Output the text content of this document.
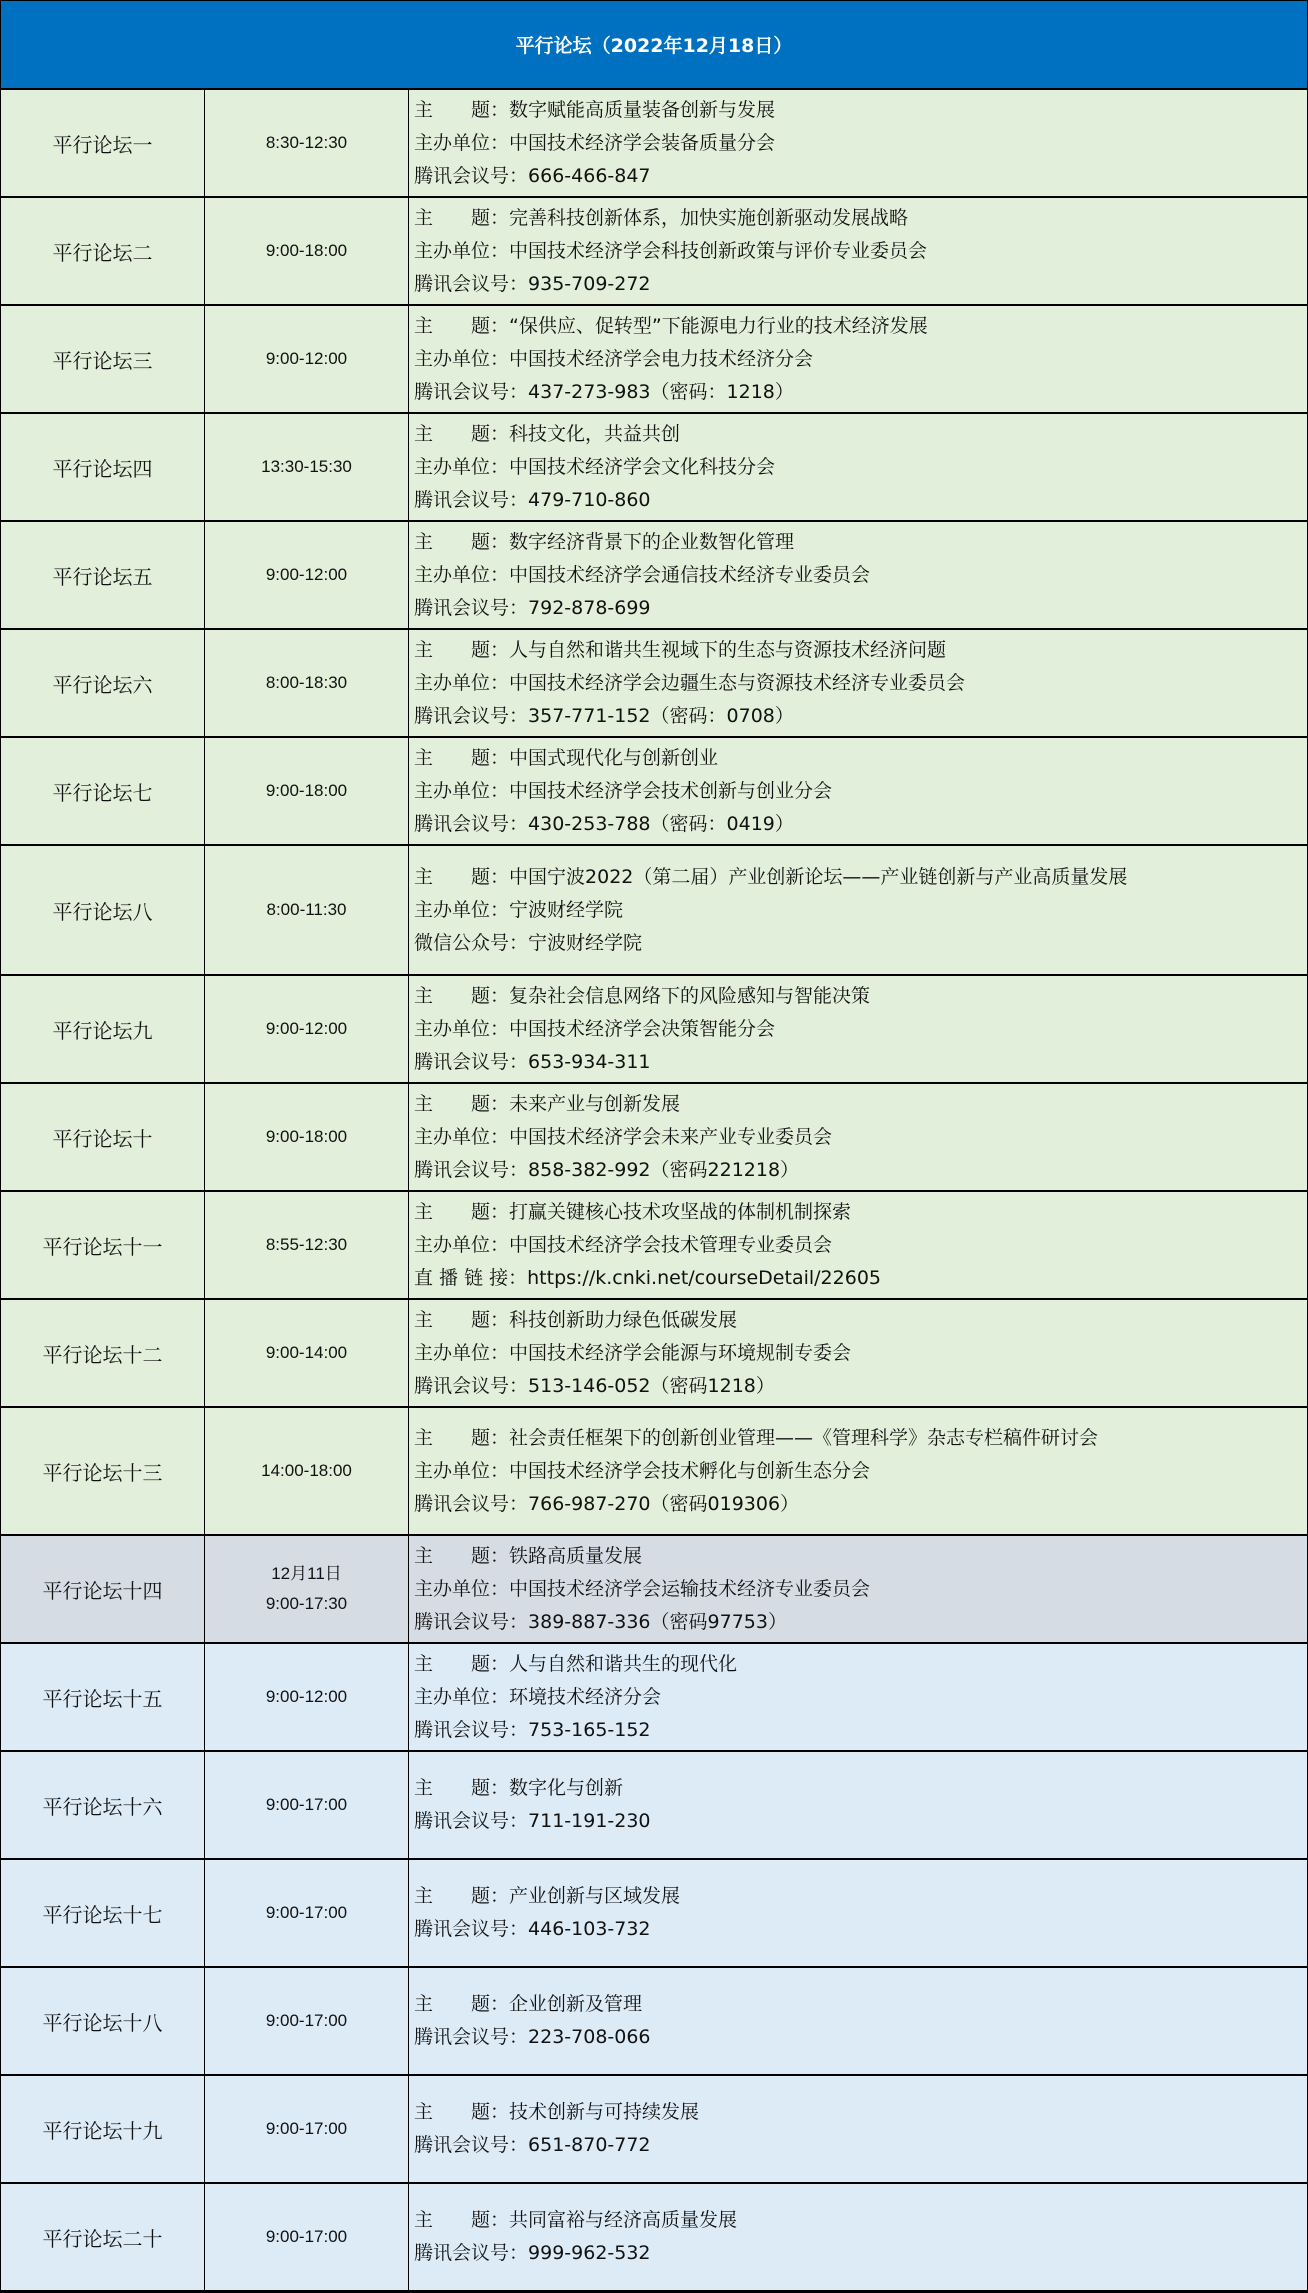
平行论坛（2022年12月18日）
平行论坛一	8:30-12:30
主　　题：数字赋能高质量装备创新与发展
主办单位：中国技术经济学会装备质量分会
腾讯会议号：666-466-847
平行论坛二	9:00-18:00
主　　题：完善科技创新体系，加快实施创新驱动发展战略
主办单位：中国技术经济学会科技创新政策与评价专业委员会
腾讯会议号：935-709-272
平行论坛三	9:00-12:00
主　　题：“保供应、促转型”下能源电力行业的技术经济发展
主办单位：中国技术经济学会电力技术经济分会
腾讯会议号：437-273-983（密码：1218）
平行论坛四	13:30-15:30
主　　题：科技文化，共益共创
主办单位：中国技术经济学会文化科技分会
腾讯会议号：479-710-860
平行论坛五	9:00-12:00
主　　题：数字经济背景下的企业数智化管理
主办单位：中国技术经济学会通信技术经济专业委员会
腾讯会议号：792-878-699
平行论坛六	8:00-18:30
主　　题：人与自然和谐共生视域下的生态与资源技术经济问题
主办单位：中国技术经济学会边疆生态与资源技术经济专业委员会
腾讯会议号：357-771-152（密码：0708）
平行论坛七	9:00-18:00
主　　题：中国式现代化与创新创业
主办单位：中国技术经济学会技术创新与创业分会
腾讯会议号：430-253-788（密码：0419）
平行论坛八	8:00-11:30
主　　题：中国宁波2022（第二届）产业创新论坛——产业链创新与产业高质量发展
主办单位：宁波财经学院
微信公众号：宁波财经学院
平行论坛九	9:00-12:00
主　　题：复杂社会信息网络下的风险感知与智能决策
主办单位：中国技术经济学会决策智能分会
腾讯会议号：653-934-311
平行论坛十	9:00-18:00
主　　题：未来产业与创新发展
主办单位：中国技术经济学会未来产业专业委员会
腾讯会议号：858-382-992（密码221218）
平行论坛十一	8:55-12:30
主　　题：打赢关键核心技术攻坚战的体制机制探索
主办单位：中国技术经济学会技术管理专业委员会
直 播 链 接：https://k.cnki.net/courseDetail/22605
平行论坛十二	9:00-14:00
主　　题：科技创新助力绿色低碳发展
主办单位：中国技术经济学会能源与环境规制专委会
腾讯会议号：513-146-052（密码1218）
平行论坛十三	14:00-18:00
主　　题：社会责任框架下的创新创业管理——《管理科学》杂志专栏稿件研讨会
主办单位：中国技术经济学会技术孵化与创新生态分会
腾讯会议号：766-987-270（密码019306）
平行论坛十四
12月11日
9:00-17:30
主　　题：铁路高质量发展
主办单位：中国技术经济学会运输技术经济专业委员会
腾讯会议号：389-887-336（密码97753）
平行论坛十五	9:00-12:00
主　　题：人与自然和谐共生的现代化
主办单位：环境技术经济分会
腾讯会议号：753-165-152
平行论坛十六	9:00-17:00
主　　题：数字化与创新
腾讯会议号：711-191-230
平行论坛十七	9:00-17:00
主　　题：产业创新与区域发展
腾讯会议号：446-103-732
平行论坛十八	9:00-17:00
主　　题：企业创新及管理
腾讯会议号：223-708-066
平行论坛十九	9:00-17:00
主　　题：技术创新与可持续发展
腾讯会议号：651-870-772
平行论坛二十	9:00-17:00
主　　题：共同富裕与经济高质量发展
腾讯会议号：999-962-532
